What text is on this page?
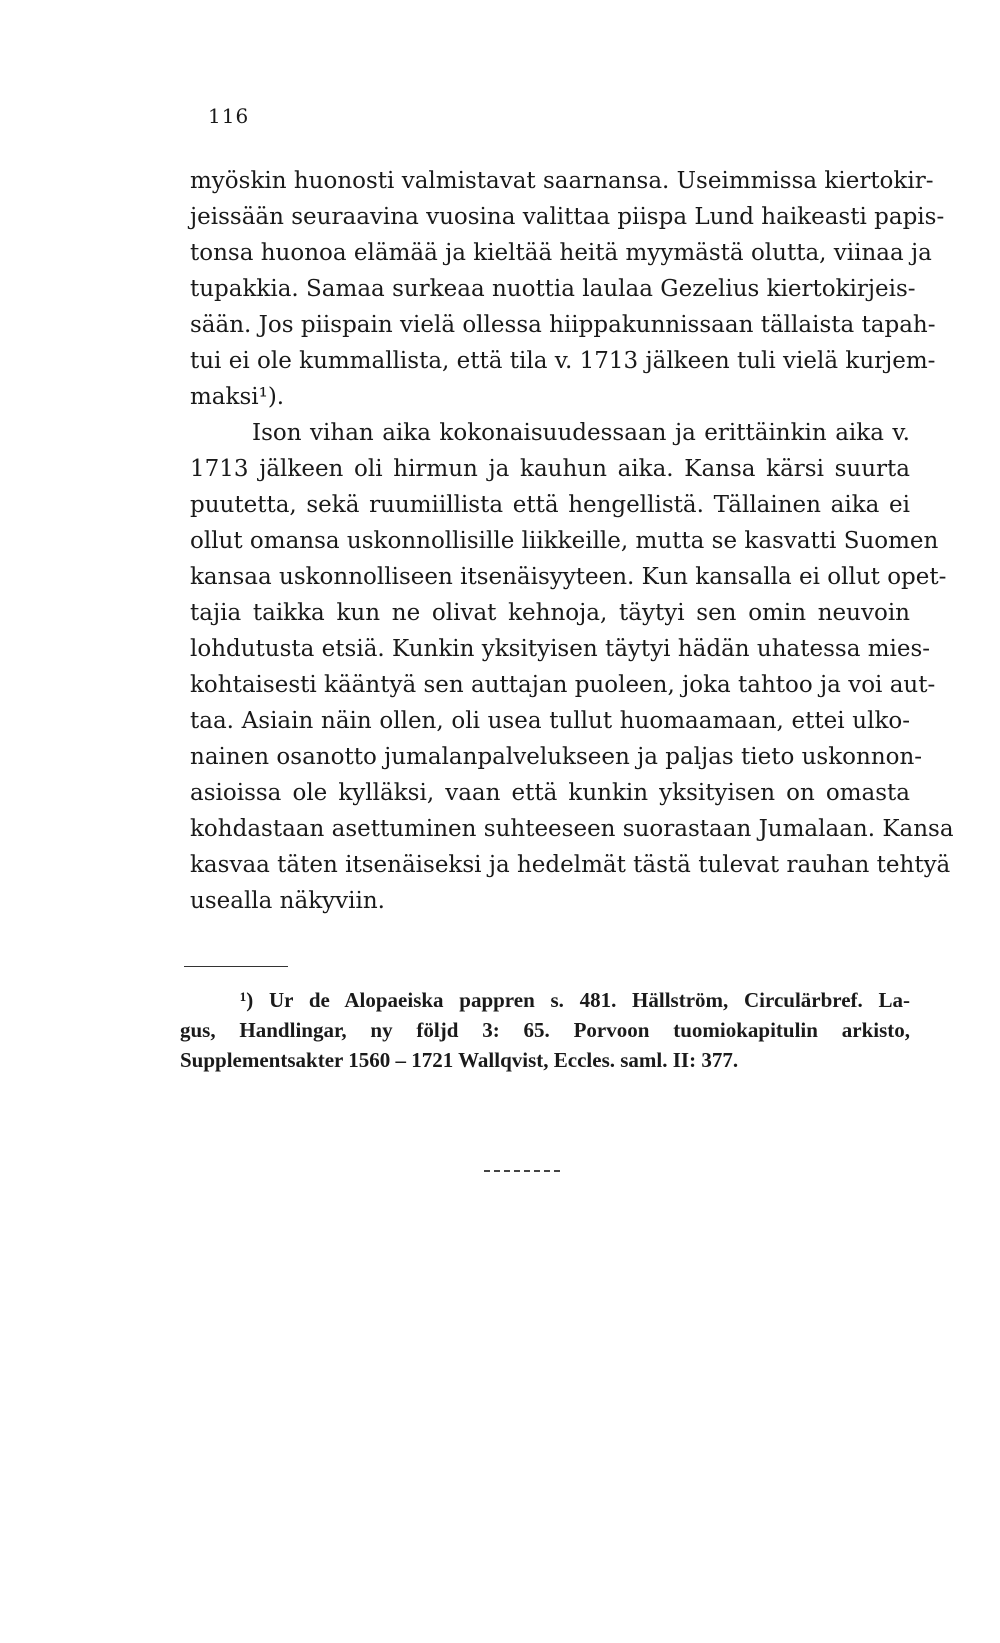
116
myöskin huonosti valmistavat saarnansa. Useimmissa kiertokir-
jeissään seuraavina vuosina valittaa piispa Lund haikeasti papis-
tonsa huonoa elämää ja kieltää heitä myymästä olutta, viinaa ja
tupakkia. Samaa surkeaa nuottia laulaa Gezelius kiertokirjeis-
sään. Jos piispain vielä ollessa hiippakunnissaan tällaista tapah-
tui ei ole kummallista, että tila v. 1713 jälkeen tuli vielä kurjem-
maksi¹).
Ison vihan aika kokonaisuudessaan ja erittäinkin aika v.
1713 jälkeen oli hirmun ja kauhun aika. Kansa kärsi suurta
puutetta, sekä ruumiillista että hengellistä. Tällainen aika ei
ollut omansa uskonnollisille liikkeille, mutta se kasvatti Suomen
kansaa uskonnolliseen itsenäisyyteen. Kun kansalla ei ollut opet-
tajia taikka kun ne olivat kehnoja, täytyi sen omin neuvoin
lohdutusta etsiä. Kunkin yksityisen täytyi hädän uhatessa mies-
kohtaisesti kääntyä sen auttajan puoleen, joka tahtoo ja voi aut-
taa. Asiain näin ollen, oli usea tullut huomaamaan, ettei ulko-
nainen osanotto jumalanpalvelukseen ja paljas tieto uskonnon-
asioissa ole kylläksi, vaan että kunkin yksityisen on omasta
kohdastaan asettuminen suhteeseen suorastaan Jumalaan. Kansa
kasvaa täten itsenäiseksi ja hedelmät tästä tulevat rauhan tehtyä
usealla näkyviin.
¹) Ur de Alopaeiska pappren s. 481. Hällström, Circulärbref. La-
gus, Handlingar, ny följd 3: 65. Porvoon tuomiokapitulin arkisto,
Supplementsakter 1560 – 1721 Wallqvist, Eccles. saml. II: 377.
